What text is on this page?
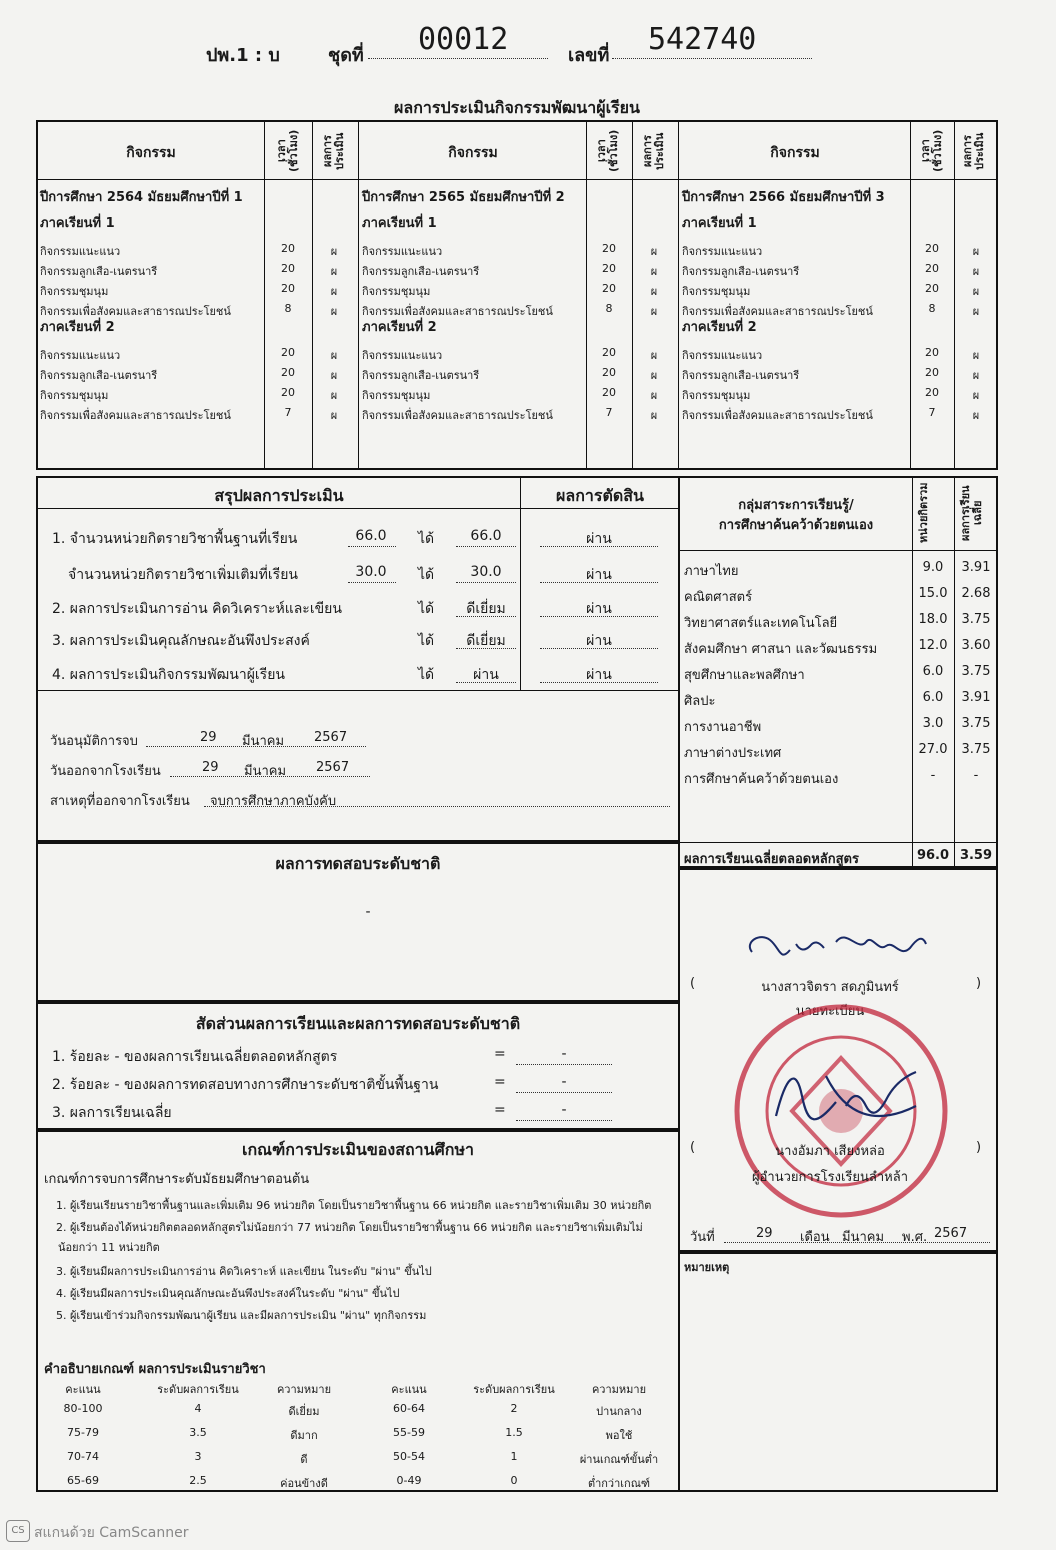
ปพ.1 : บ	ชุดที่ 00012	เลขที่ 542740
ผลการประเมินกิจกรรมพัฒนาผู้เรียน
กิจกรรม	กิจกรรม	กิจกรรม
เวลา (ชั่วโมง) ผลการประเมิน	เวลา (ชั่วโมง) ผลการประเมิน	เวลา (ชั่วโมง) ผลการประเมิน
ปีการศึกษา 2564 มัธยมศึกษาปีที่ 1
ภาคเรียนที่ 1
ภาคเรียนที่ 2
กิจกรรมแนะแนว	20	ผ
กิจกรรมลูกเสือ-เนตรนารี	20	ผ
กิจกรรมชุมนุม	20	ผ
กิจกรรมเพื่อสังคมและสาธารณประโยชน์	8	ผ
กิจกรรมแนะแนว	20	ผ
กิจกรรมลูกเสือ-เนตรนารี	20	ผ
กิจกรรมชุมนุม	20	ผ
กิจกรรมเพื่อสังคมและสาธารณประโยชน์	7	ผ
ปีการศึกษา 2565 มัธยมศึกษาปีที่ 2
ภาคเรียนที่ 1
ภาคเรียนที่ 2
กิจกรรมแนะแนว	20	ผ
กิจกรรมลูกเสือ-เนตรนารี	20	ผ
กิจกรรมชุมนุม	20	ผ
กิจกรรมเพื่อสังคมและสาธารณประโยชน์	8	ผ
กิจกรรมแนะแนว	20	ผ
กิจกรรมลูกเสือ-เนตรนารี	20	ผ
กิจกรรมชุมนุม	20	ผ
กิจกรรมเพื่อสังคมและสาธารณประโยชน์	7	ผ
ปีการศึกษา 2566 มัธยมศึกษาปีที่ 3
ภาคเรียนที่ 1
ภาคเรียนที่ 2
กิจกรรมแนะแนว	20	ผ
กิจกรรมลูกเสือ-เนตรนารี	20	ผ
กิจกรรมชุมนุม	20	ผ
กิจกรรมเพื่อสังคมและสาธารณประโยชน์	8	ผ
กิจกรรมแนะแนว	20	ผ
กิจกรรมลูกเสือ-เนตรนารี	20	ผ
กิจกรรมชุมนุม	20	ผ
กิจกรรมเพื่อสังคมและสาธารณประโยชน์	7	ผ
สรุปผลการประเมิน	ผลการตัดสิน
1. จำนวนหน่วยกิตรายวิชาพื้นฐานที่เรียน	66.0	ได้	66.0	ผ่าน
จำนวนหน่วยกิตรายวิชาเพิ่มเติมที่เรียน	30.0	ได้	30.0	ผ่าน
2. ผลการประเมินการอ่าน คิดวิเคราะห์และเขียน	ได้	ดีเยี่ยม	ผ่าน
3. ผลการประเมินคุณลักษณะอันพึงประสงค์	ได้	ดีเยี่ยม	ผ่าน
4. ผลการประเมินกิจกรรมพัฒนาผู้เรียน	ได้	ผ่าน	ผ่าน
วันอนุมัติการจบ	29 มีนาคม 2567
วันออกจากโรงเรียน	29 มีนาคม 2567
สาเหตุที่ออกจากโรงเรียน จบการศึกษาภาคบังคับ
กลุ่มสาระการเรียนรู้/
การศึกษาค้นคว้าด้วยตนเอง	หน่วยกิตรวม	ผลการเรียนเฉลี่ย
ภาษาไทย	9.0	3.91
คณิตศาสตร์	15.0	2.68
วิทยาศาสตร์และเทคโนโลยี	18.0	3.75
สังคมศึกษา ศาสนา และวัฒนธรรม	12.0	3.60
สุขศึกษาและพลศึกษา	6.0	3.75
ศิลปะ	6.0	3.91
การงานอาชีพ	3.0	3.75
ภาษาต่างประเทศ	27.0	3.75
การศึกษาค้นคว้าด้วยตนเอง	-	-
ผลการเรียนเฉลี่ยตลอดหลักสูตร	96.0 3.59
ผลการทดสอบระดับชาติ
-
สัดส่วนผลการเรียนและผลการทดสอบระดับชาติ
1. ร้อยละ - ของผลการเรียนเฉลี่ยตลอดหลักสูตร	=	-
2. ร้อยละ - ของผลการทดสอบทางการศึกษาระดับชาติขั้นพื้นฐาน	=	-
3. ผลการเรียนเฉลี่ย	=	-
เกณฑ์การประเมินของสถานศึกษา
เกณฑ์การจบการศึกษาระดับมัธยมศึกษาตอนต้น
1. ผู้เรียนเรียนรายวิชาพื้นฐานและเพิ่มเติม 96 หน่วยกิต โดยเป็นรายวิชาพื้นฐาน 66 หน่วยกิต และรายวิชาเพิ่มเติม 30 หน่วยกิต
2. ผู้เรียนต้องได้หน่วยกิตตลอดหลักสูตรไม่น้อยกว่า 77 หน่วยกิต โดยเป็นรายวิชาพื้นฐาน 66 หน่วยกิต และรายวิชาเพิ่มเติมไม่
น้อยกว่า 11 หน่วยกิต
3. ผู้เรียนมีผลการประเมินการอ่าน คิดวิเคราะห์ และเขียน ในระดับ "ผ่าน" ขึ้นไป
4. ผู้เรียนมีผลการประเมินคุณลักษณะอันพึงประสงค์ในระดับ "ผ่าน" ขึ้นไป
5. ผู้เรียนเข้าร่วมกิจกรรมพัฒนาผู้เรียน และมีผลการประเมิน "ผ่าน" ทุกกิจกรรม
คำอธิบายเกณฑ์ ผลการประเมินรายวิชา
คะแนน	ระดับผลการเรียน	ความหมาย	คะแนน	ระดับผลการเรียน	ความหมาย
80-100	4	ดีเยี่ยม	60-64	2	ปานกลาง
75-79	3.5	ดีมาก	55-59	1.5	พอใช้
70-74	3	ดี	50-54	1	ผ่านเกณฑ์ขั้นต่ำ
65-69	2.5	ค่อนข้างดี	0-49	0	ต่ำกว่าเกณฑ์
(	นางสาวจิตรา สดภูมินทร์	)
นายทะเบียน
(	นางอัมภา เสียงหล่อ	)
ผู้อำนวยการโรงเรียนลำหล้า
วันที่	29 เดือน มีนาคม พ.ศ. 2567
หมายเหตุ
CS สแกนด้วย CamScanner
